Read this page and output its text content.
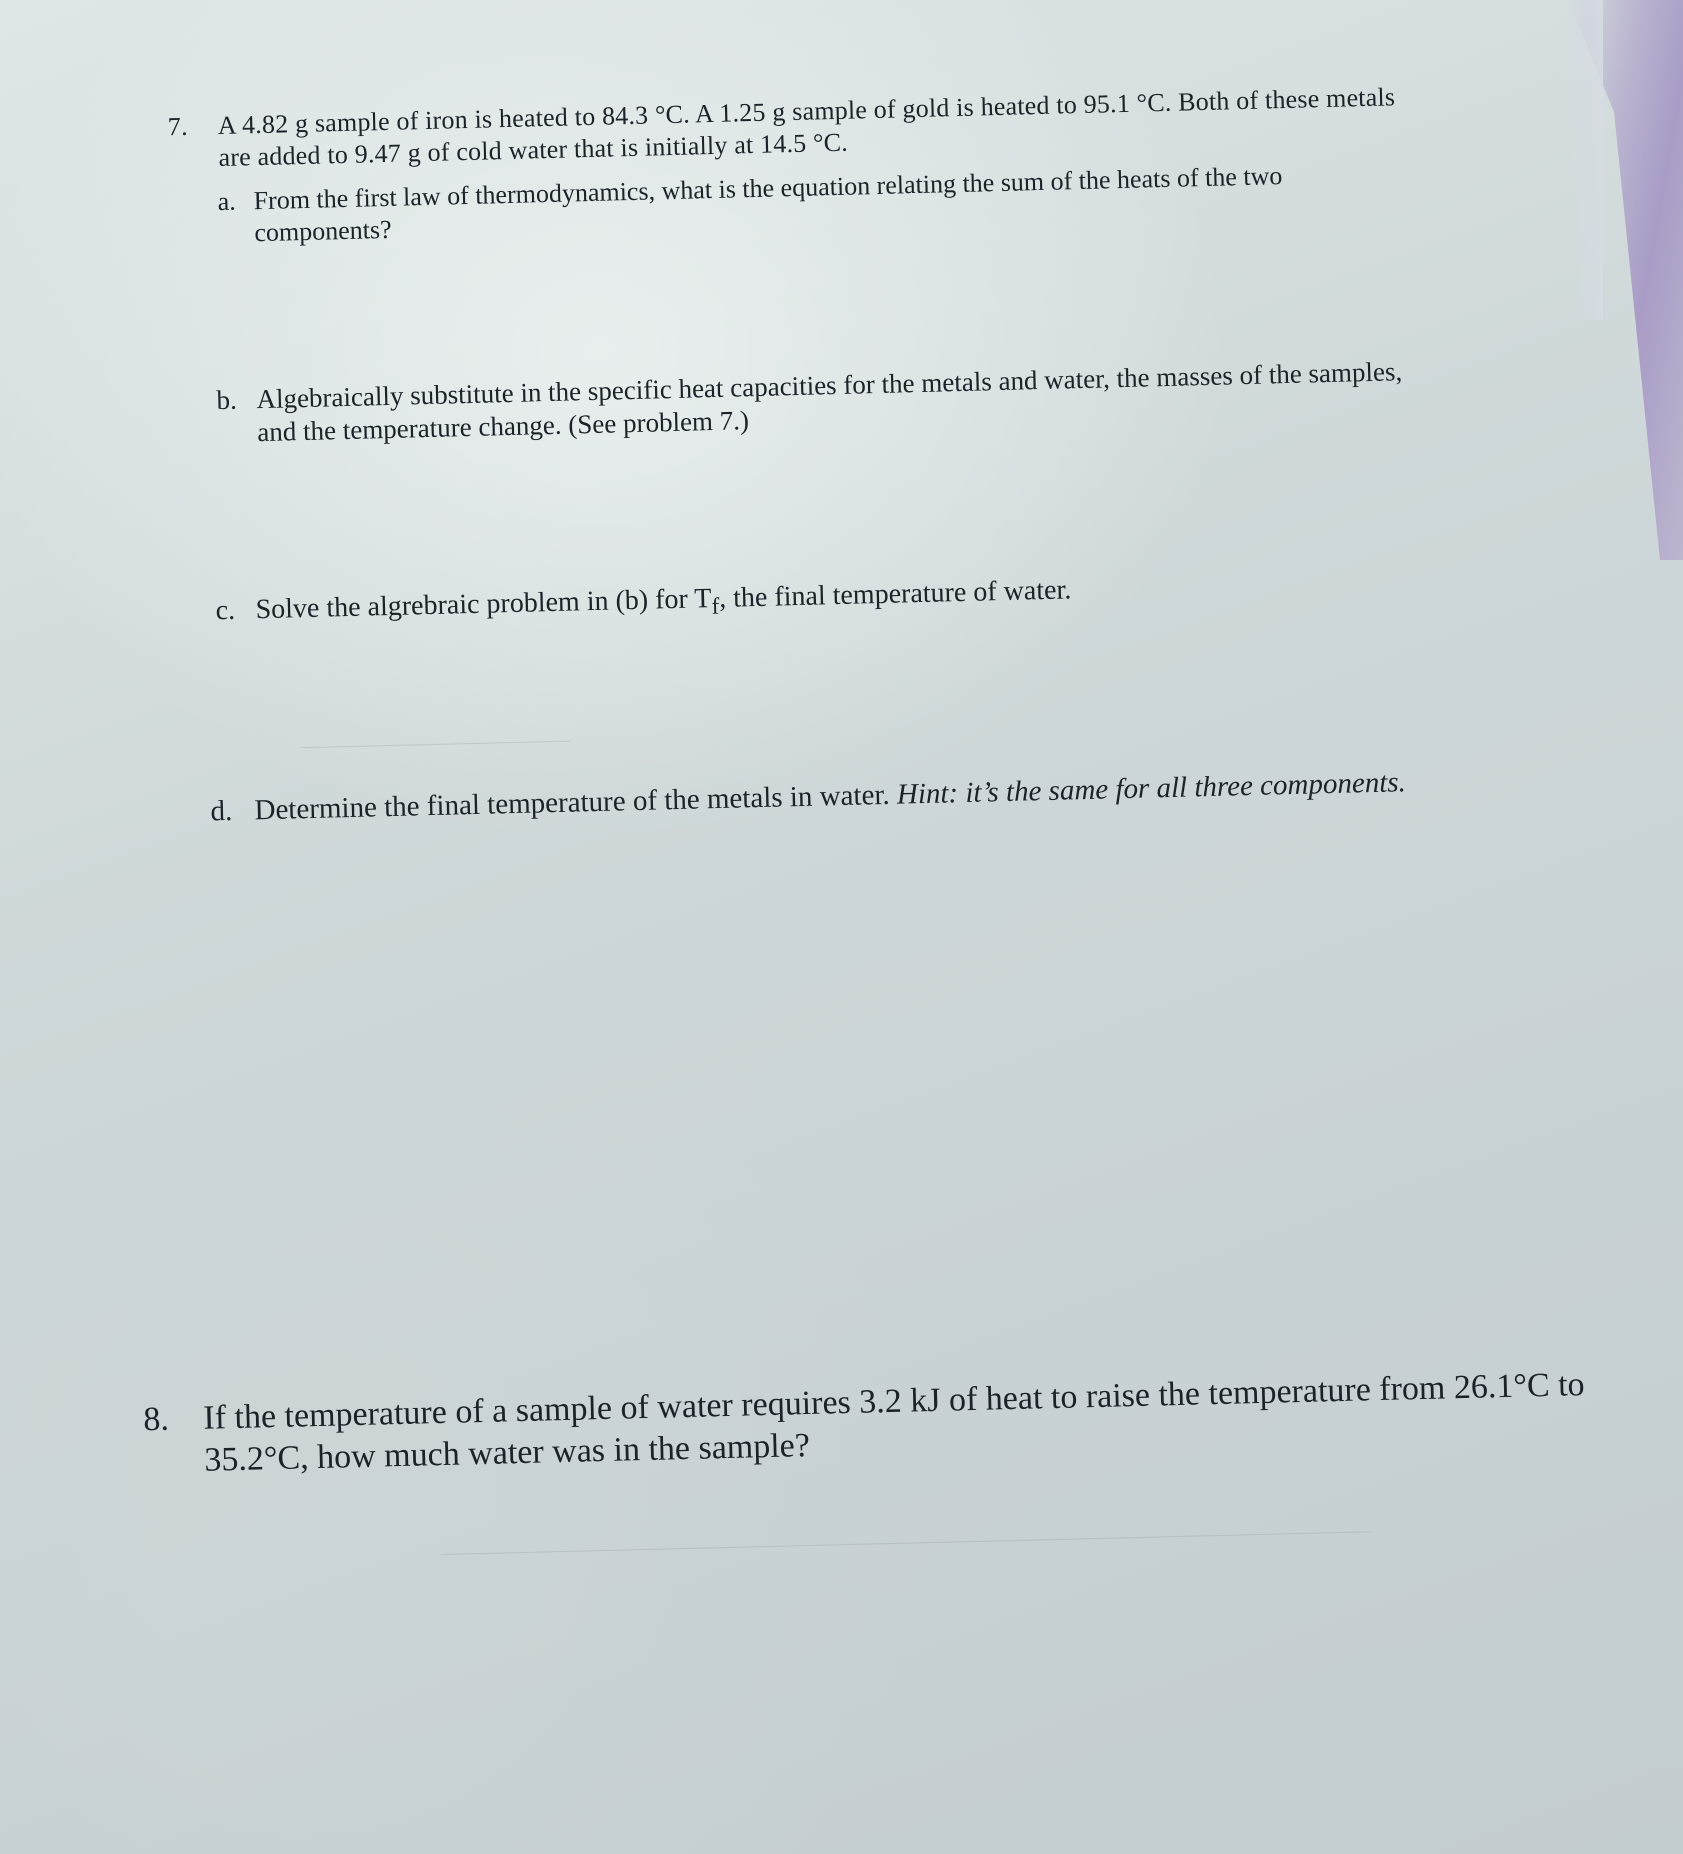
7. A 4.82 g sample of iron is heated to 84.3 °C. A 1.25 g sample of gold is heated to 95.1 °C. Both of these metals are added to 9.47 g of cold water that is initially at 14.5 °C.
a. From the first law of thermodynamics, what is the equation relating the sum of the heats of the two components?
b. Algebraically substitute in the specific heat capacities for the metals and water, the masses of the samples, and the temperature change. (See problem 7.)
c. Solve the algrebraic problem in (b) for $T_f$, the final temperature of water.
d. Determine the final temperature of the metals in water. Hint: it’s the same for all three components.
8. If the temperature of a sample of water requires 3.2 kJ of heat to raise the temperature from 26.1°C to 35.2°C, how much water was in the sample?
